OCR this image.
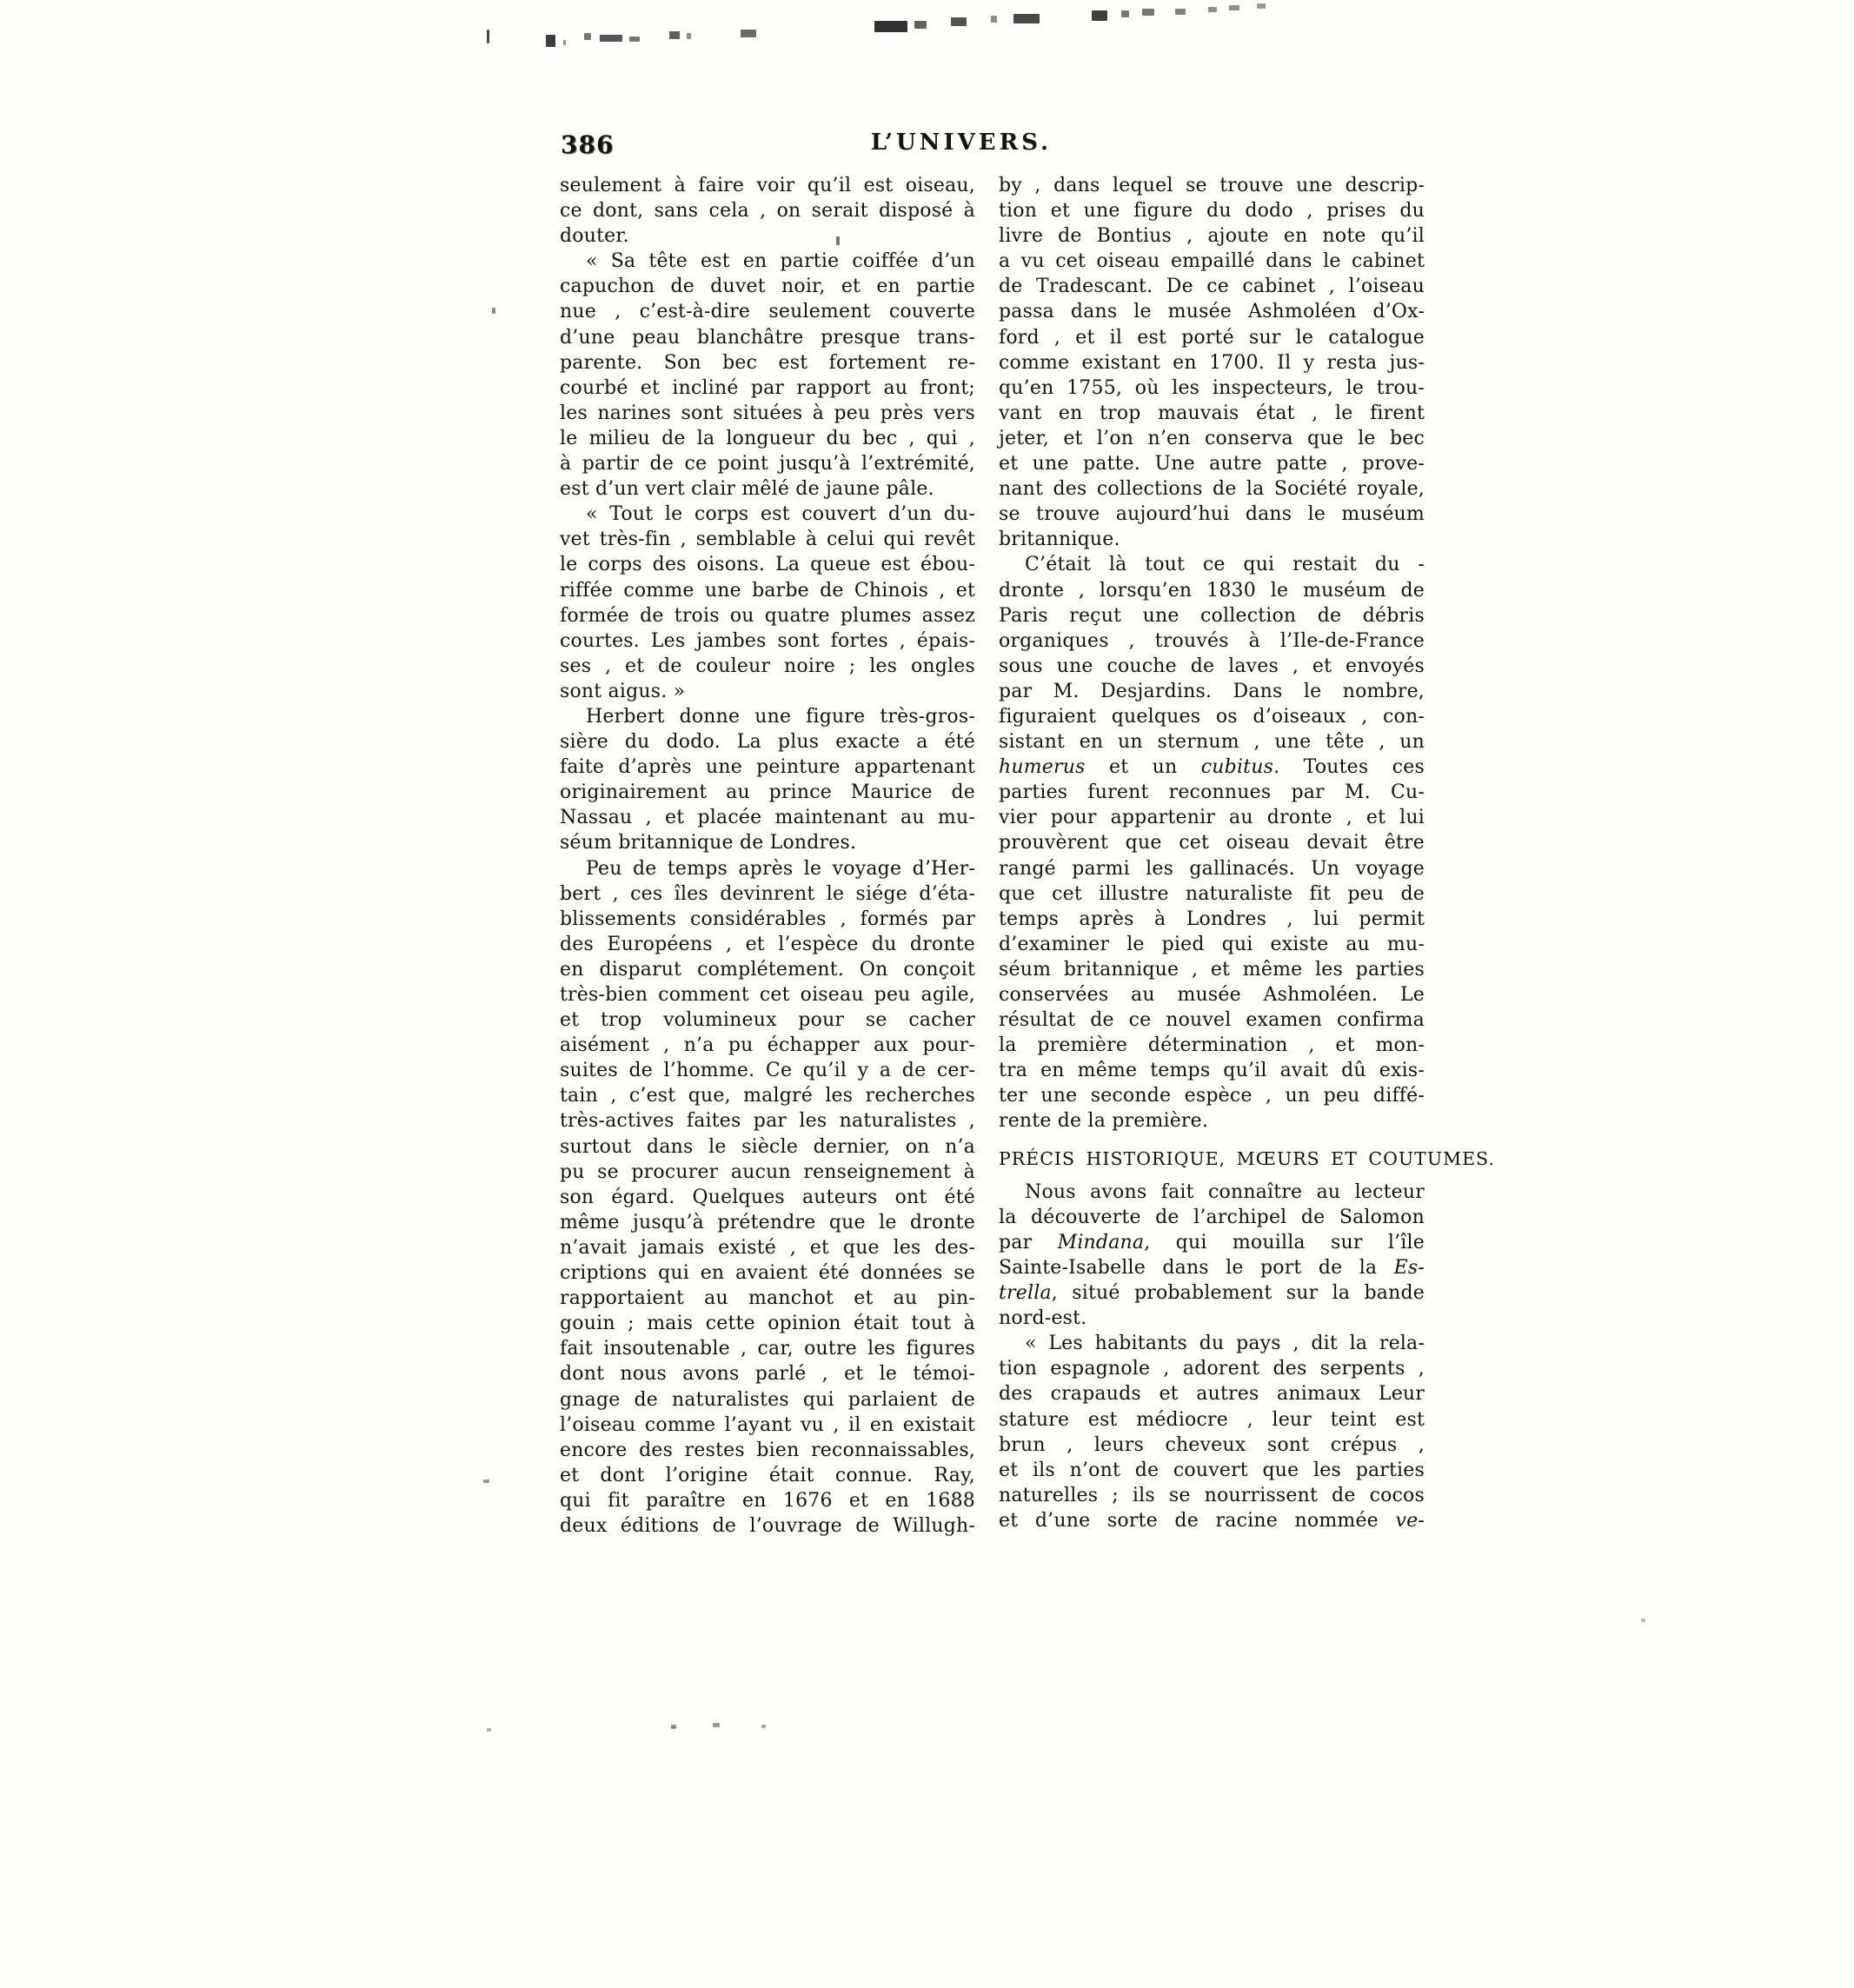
386	L’UNIVERS.
seulement à faire voir qu’il est oiseau,
ce dont, sans cela , on serait disposé à
douter.
« Sa tête est en partie coiffée d’un
capuchon de duvet noir, et en partie
nue , c’est-à-dire seulement couverte
d’une peau blanchâtre presque trans-
parente. Son bec est fortement re-
courbé et incliné par rapport au front;
les narines sont situées à peu près vers
le milieu de la longueur du bec , qui ,
à partir de ce point jusqu’à l’extrémité,
est d’un vert clair mêlé de jaune pâle.
« Tout le corps est couvert d’un du-
vet très-fin , semblable à celui qui revêt
le corps des oisons. La queue est ébou-
riffée comme une barbe de Chinois , et
formée de trois ou quatre plumes assez
courtes. Les jambes sont fortes , épais-
ses , et de couleur noire ; les ongles
sont aigus. »
Herbert donne une figure très-gros-
sière du dodo. La plus exacte a été
faite d’après une peinture appartenant
originairement au prince Maurice de
Nassau , et placée maintenant au mu-
séum britannique de Londres.
Peu de temps après le voyage d’Her-
bert , ces îles devinrent le siége d’éta-
blissements considérables , formés par
des Européens , et l’espèce du dronte
en disparut complétement. On conçoit
très-bien comment cet oiseau peu agile,
et trop volumineux pour se cacher
aisément , n’a pu échapper aux pour-
suites de l’homme. Ce qu’il y a de cer-
tain , c’est que, malgré les recherches
très-actives faites par les naturalistes ,
surtout dans le siècle dernier, on n’a
pu se procurer aucun renseignement à
son égard. Quelques auteurs ont été
même jusqu’à prétendre que le dronte
n’avait jamais existé , et que les des-
criptions qui en avaient été données se
rapportaient au manchot et au pin-
gouin ; mais cette opinion était tout à
fait insoutenable , car, outre les figures
dont nous avons parlé , et le témoi-
gnage de naturalistes qui parlaient de
l’oiseau comme l’ayant vu , il en existait
encore des restes bien reconnaissables,
et dont l’origine était connue. Ray,
qui fit paraître en 1676 et en 1688
deux éditions de l’ouvrage de Willugh-
by , dans lequel se trouve une descrip-
tion et une figure du dodo , prises du
livre de Bontius , ajoute en note qu’il
a vu cet oiseau empaillé dans le cabinet
de Tradescant. De ce cabinet , l’oiseau
passa dans le musée Ashmoléen d’Ox-
ford , et il est porté sur le catalogue
comme existant en 1700. Il y resta jus-
qu’en 1755, où les inspecteurs, le trou-
vant en trop mauvais état , le firent
jeter, et l’on n’en conserva que le bec
et une patte. Une autre patte , prove-
nant des collections de la Société royale,
se trouve aujourd’hui dans le muséum
britannique.
C’était là tout ce qui restait du -
dronte , lorsqu’en 1830 le muséum de
Paris reçut une collection de débris
organiques , trouvés à l’Ile-de-France
sous une couche de laves , et envoyés
par M. Desjardins. Dans le nombre,
figuraient quelques os d’oiseaux , con-
sistant en un sternum , une tête , un
humerus et un cubitus. Toutes ces
parties furent reconnues par M. Cu-
vier pour appartenir au dronte , et lui
prouvèrent que cet oiseau devait être
rangé parmi les gallinacés. Un voyage
que cet illustre naturaliste fit peu de
temps après à Londres , lui permit
d’examiner le pied qui existe au mu-
séum britannique , et même les parties
conservées au musée Ashmoléen. Le
résultat de ce nouvel examen confirma
la première détermination , et mon-
tra en même temps qu’il avait dû exis-
ter une seconde espèce , un peu diffé-
rente de la première.
PRÉCIS HISTORIQUE, MŒURS ET COUTUMES.
Nous avons fait connaître au lecteur
la découverte de l’archipel de Salomon
par Mindana, qui mouilla sur l’île
Sainte-Isabelle dans le port de la Es-
trella, situé probablement sur la bande
nord-est.
« Les habitants du pays , dit la rela-
tion espagnole , adorent des serpents ,
des crapauds et autres animaux Leur
stature est médiocre , leur teint est
brun , leurs cheveux sont crépus ,
et ils n’ont de couvert que les parties
naturelles ; ils se nourrissent de cocos
et d’une sorte de racine nommée ve-
